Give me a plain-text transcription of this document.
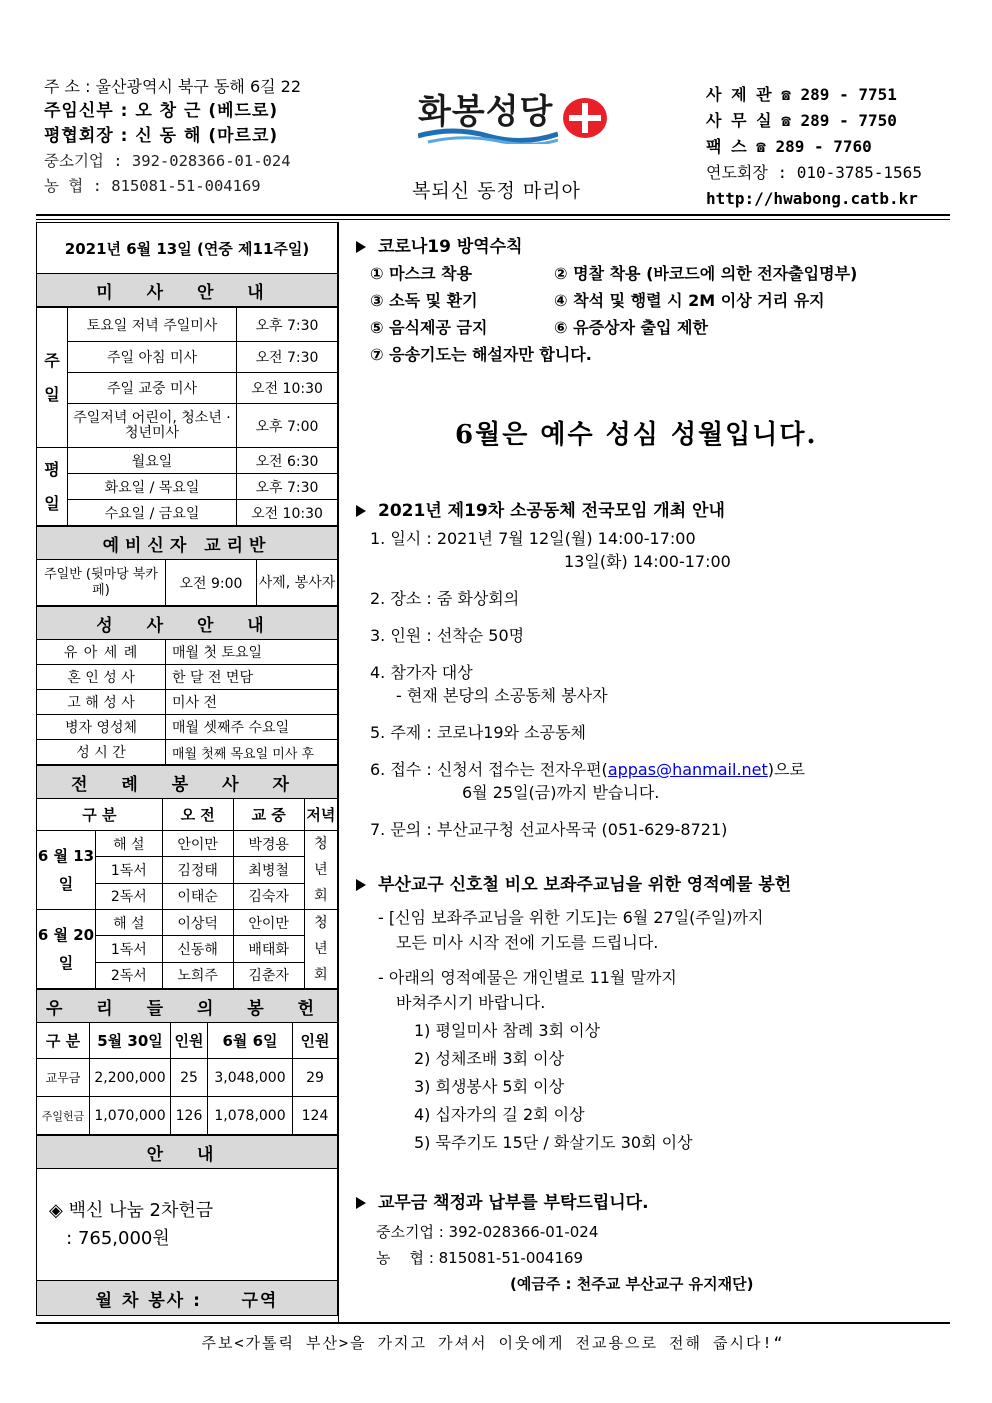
주 소 : 울산광역시 북구 동해 6길 22
주임신부 : 오 창 근 (베드로)
평협회장 : 신 동 해 (마르코)
중소기업 : 392-028366-01-024
농 협 : 815081-51-004169
화봉성당
복되신 동정 마리아
사 제 관 ☎ 289 - 7751
사 무 실 ☎ 289 - 7750
팩 스 ☎ 289 - 7760
연도회장 : 010-3785-1565
http://hwabong.catb.kr
2021년 6월 13일 (연중 제11주일)
미 사 안 내
주일	토요일 저녁 주일미사	오후 7:30
	주일 아침 미사	오전 7:30
	주일 교중 미사	오전 10:30
	주일저녁 어린이, 청소년 · 청년미사	오후 7:00

평일	월요일	오전 6:30
	화요일 / 목요일	오후 7:30
	수요일 / 금요일	오전 10:30
예비신자 교리반
주일반 (뒷마당 북카페)	오전 9:00	사제, 봉사자
성 사 안 내	
유 아 세 례	매월 첫 토요일
혼 인 성 사	한 달 전 면담
고 해 성 사	미사 전
병자 영성체	매월 셋째주 수요일
성 시 간	매월 첫째 목요일 미사 후
전 례 봉 사 자				
구 분		오 전	교 중	저녁
6 월 13 일	해 설	안이만	박경용	청년회

	1독서	김정태	최병철	
	2독서	이태순	김숙자	
6 월 20 일	해 설	이상덕	안이만	청년회

	1독서	신동해	배태화	
	2독서	노희주	김춘자	
우 리 들 의 봉 헌				
구 분	5월 30일	인원	6월 6일	인원
교무금	2,200,000	25	3,048,000	29
주일헌금	1,070,000	126	1,078,000	124
안 내

◈ 백신 나눔 2차헌금
: 765,000원

월 차 봉사 :     구역
코로나19 방역수칙
① 마스크 착용	② 명찰 착용 (바코드에 의한 전자출입명부)
③ 소독 및 환기	④ 착석 및 행렬 시 2M 이상 거리 유지
⑤ 음식제공 금지	⑥ 유증상자 출입 제한
⑦ 응송기도는 해설자만 합니다.
6월은 예수 성심 성월입니다.
2021년 제19차 소공동체 전국모임 개최 안내
1. 일시 : 2021년 7월 12일(월) 14:00-17:00
13일(화) 14:00-17:00
2. 장소 : 줌 화상회의
3. 인원 : 선착순 50명
4. 참가자 대상
- 현재 본당의 소공동체 봉사자
5. 주제 : 코로나19와 소공동체
6. 접수 : 신청서 접수는 전자우편(appas@hanmail.net)으로
6월 25일(금)까지 받습니다.
7. 문의 : 부산교구청 선교사목국 (051-629-8721)
부산교구 신호철 비오 보좌주교님을 위한 영적예물 봉헌
- [신임 보좌주교님을 위한 기도]는 6월 27일(주일)까지
모든 미사 시작 전에 기도를 드립니다.
- 아래의 영적예물은 개인별로 11월 말까지
바쳐주시기 바랍니다.
1) 평일미사 참례 3회 이상
2) 성체조배 3회 이상
3) 희생봉사 5회 이상
4) 십자가의 길 2회 이상
5) 묵주기도 15단 / 화살기도 30회 이상
교무금 책정과 납부를 부탁드립니다.
중소기업 : 392-028366-01-024
농    협 : 815081-51-004169
(예금주 : 천주교 부산교구 유지재단)
주보<가톨릭 부산>을 가지고 가셔서 이웃에게 전교용으로 전해 줍시다!“
